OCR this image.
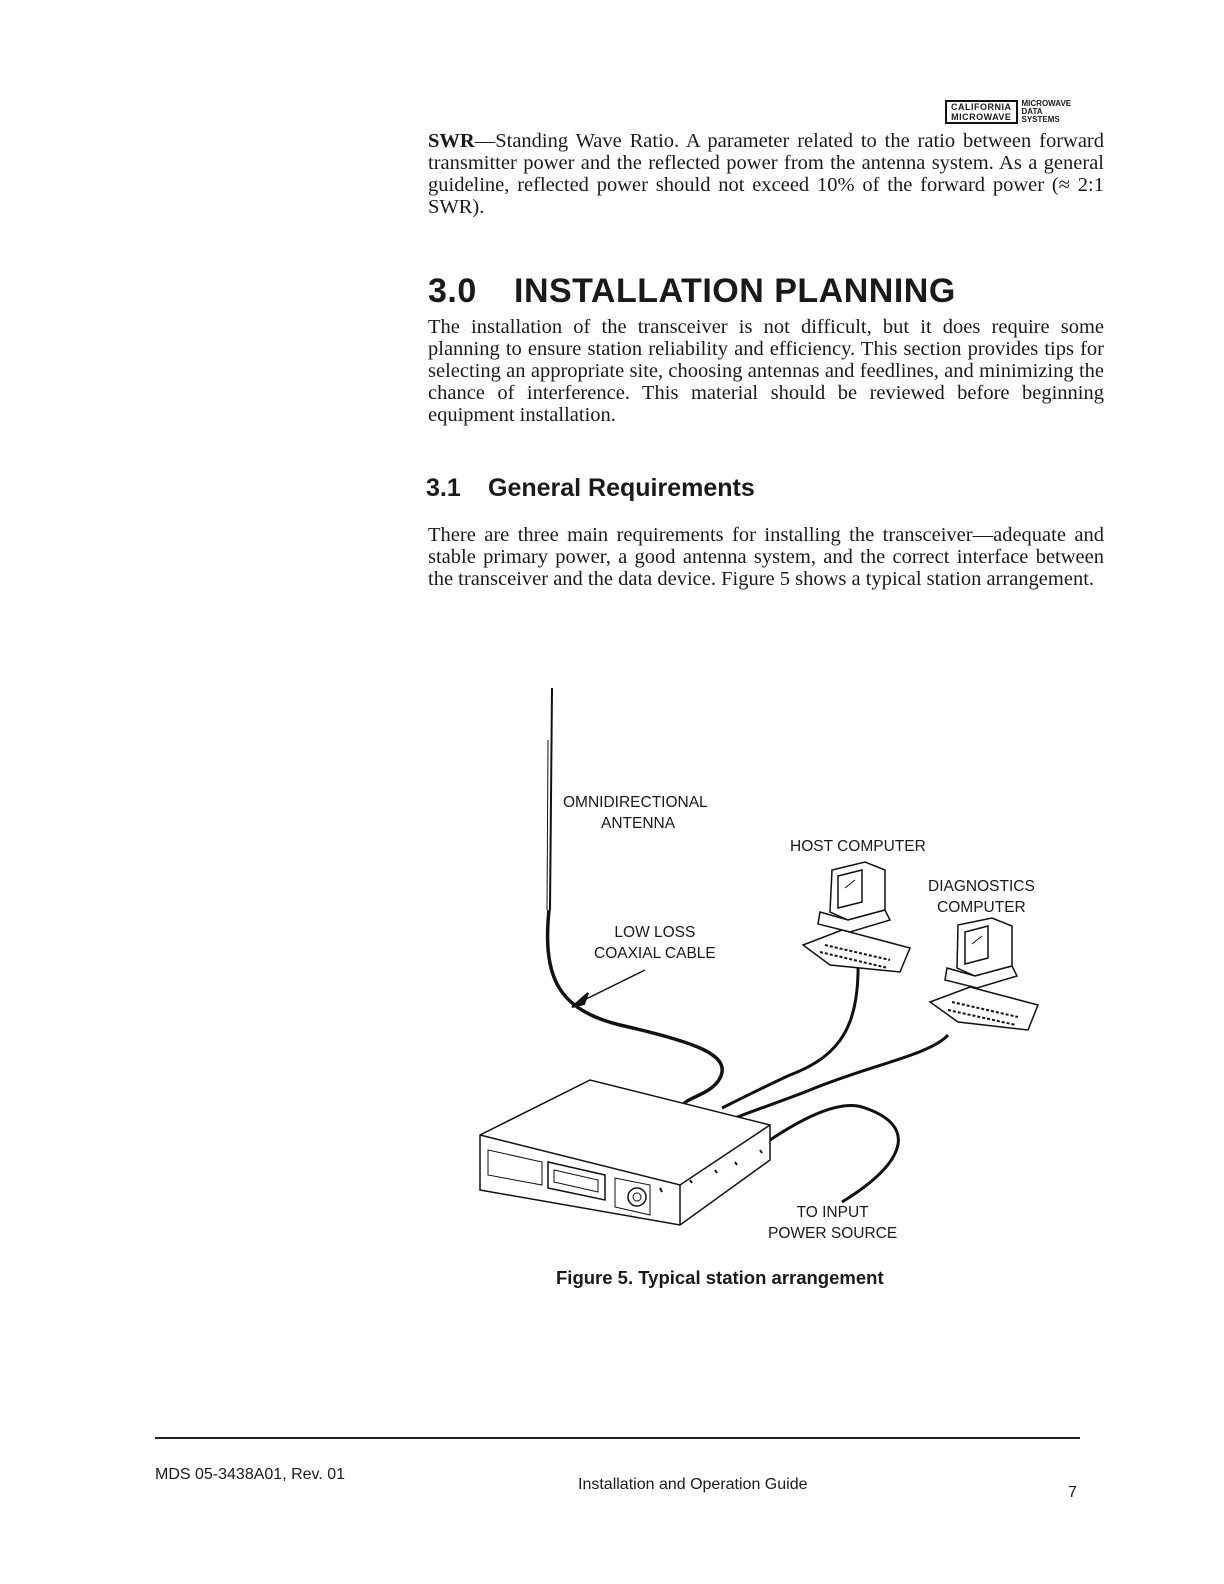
CALIFORNIA
MICROWAVE
MICROWAVE
DATA
SYSTEMS
SWR—Standing Wave Ratio. A parameter related to the ratio between forward transmitter power and the reflected power from the antenna system. As a general guideline, reflected power should not exceed 10% of the forward power (≈ 2:1 SWR).
3.0 INSTALLATION PLANNING
The installation of the transceiver is not difficult, but it does require some planning to ensure station reliability and efficiency. This section provides tips for selecting an appropriate site, choosing antennas and feedlines, and minimizing the chance of interference. This material should be reviewed before beginning equipment installation.
3.1 General Requirements
There are three main requirements for installing the transceiver—adequate and stable primary power, a good antenna system, and the correct interface between the transceiver and the data device. Figure 5 shows a typical station arrangement.
OMNIDIRECTIONAL
ANTENNA
HOST COMPUTER
DIAGNOSTICS
COMPUTER
LOW LOSS
COAXIAL CABLE
TO INPUT
POWER SOURCE
Figure 5. Typical station arrangement
MDS 05-3438A01, Rev. 01
Installation and Operation Guide	7
